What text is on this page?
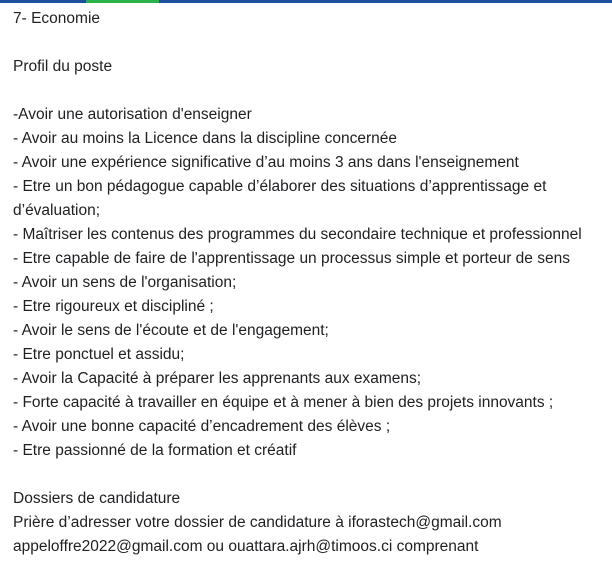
7- Economie
Profil du poste
-Avoir une autorisation d'enseigner
- Avoir au moins la Licence dans la discipline concernée
- Avoir une expérience significative d’au moins 3 ans dans l'enseignement
- Etre un bon pédagogue capable d’élaborer des situations d’apprentissage et
d’évaluation;
- Maîtriser les contenus des programmes du secondaire technique et professionnel
- Etre capable de faire de l'apprentissage un processus simple et porteur de sens
- Avoir un sens de l'organisation;
- Etre rigoureux et discipliné ;
- Avoir le sens de l'écoute et de l'engagement;
- Etre ponctuel et assidu;
- Avoir la Capacité à préparer les apprenants aux examens;
- Forte capacité à travailler en équipe et à mener à bien des projets innovants ;
- Avoir une bonne capacité d’encadrement des élèves ;
- Etre passionné de la formation et créatif
Dossiers de candidature
Prière d’adresser votre dossier de candidature à iforastech@gmail.com
appeloffre2022@gmail.com ou ouattara.ajrh@timoos.ci comprenant
